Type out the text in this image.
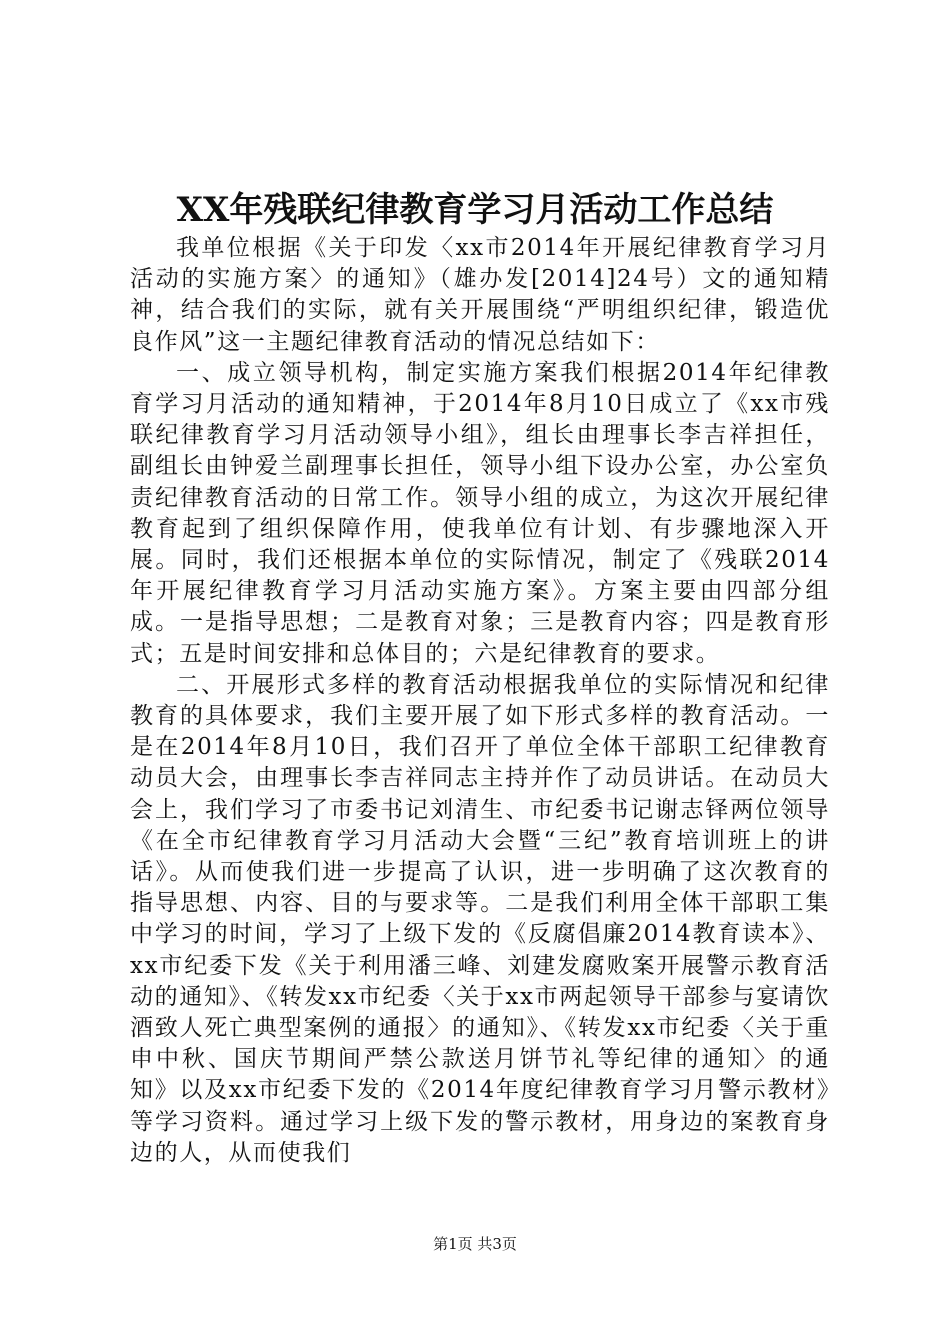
XX年残联纪律教育学习月活动工作总结

我单位根据《关于印发〈xx市2014年开展纪律教育学习月活动的实施方案〉的通知》（雄办发[2014]24号）文的通知精神，结合我们的实际，就有关开展围绕“严明组织纪律，锻造优良作风”这一主题纪律教育活动的情况总结如下：

一、成立领导机构，制定实施方案我们根据2014年纪律教育学习月活动的通知精神，于2014年8月10日成立了《xx市残联纪律教育学习月活动领导小组》，组长由理事长李吉祥担任，副组长由钟爱兰副理事长担任，领导小组下设办公室，办公室负责纪律教育活动的日常工作。领导小组的成立，为这次开展纪律教育起到了组织保障作用，使我单位有计划、有步骤地深入开展。同时，我们还根据本单位的实际情况，制定了《残联2014年开展纪律教育学习月活动实施方案》。方案主要由四部分组成。一是指导思想；二是教育对象；三是教育内容；四是教育形式；五是时间安排和总体目的；六是纪律教育的要求。

二、开展形式多样的教育活动根据我单位的实际情况和纪律教育的具体要求，我们主要开展了如下形式多样的教育活动。一是在2014年8月10日，我们召开了单位全体干部职工纪律教育动员大会，由理事长李吉祥同志主持并作了动员讲话。在动员大会上，我们学习了市委书记刘清生、市纪委书记谢志铎两位领导《在全市纪律教育学习月活动大会暨“三纪”教育培训班上的讲话》。从而使我们进一步提高了认识，进一步明确了这次教育的指导思想、内容、目的与要求等。二是我们利用全体干部职工集中学习的时间，学习了上级下发的《反腐倡廉2014教育读本》、xx市纪委下发《关于利用潘三峰、刘建发腐败案开展警示教育活动的通知》、《转发xx市纪委〈关于xx市两起领导干部参与宴请饮酒致人死亡典型案例的通报〉的通知》、《转发xx市纪委〈关于重申中秋、国庆节期间严禁公款送月饼节礼等纪律的通知〉的通知》以及xx市纪委下发的《2014年度纪律教育学习月警示教材》等学习资料。通过学习上级下发的警示教材，用身边的案教育身边的人，从而使我们

第1页 共3页
